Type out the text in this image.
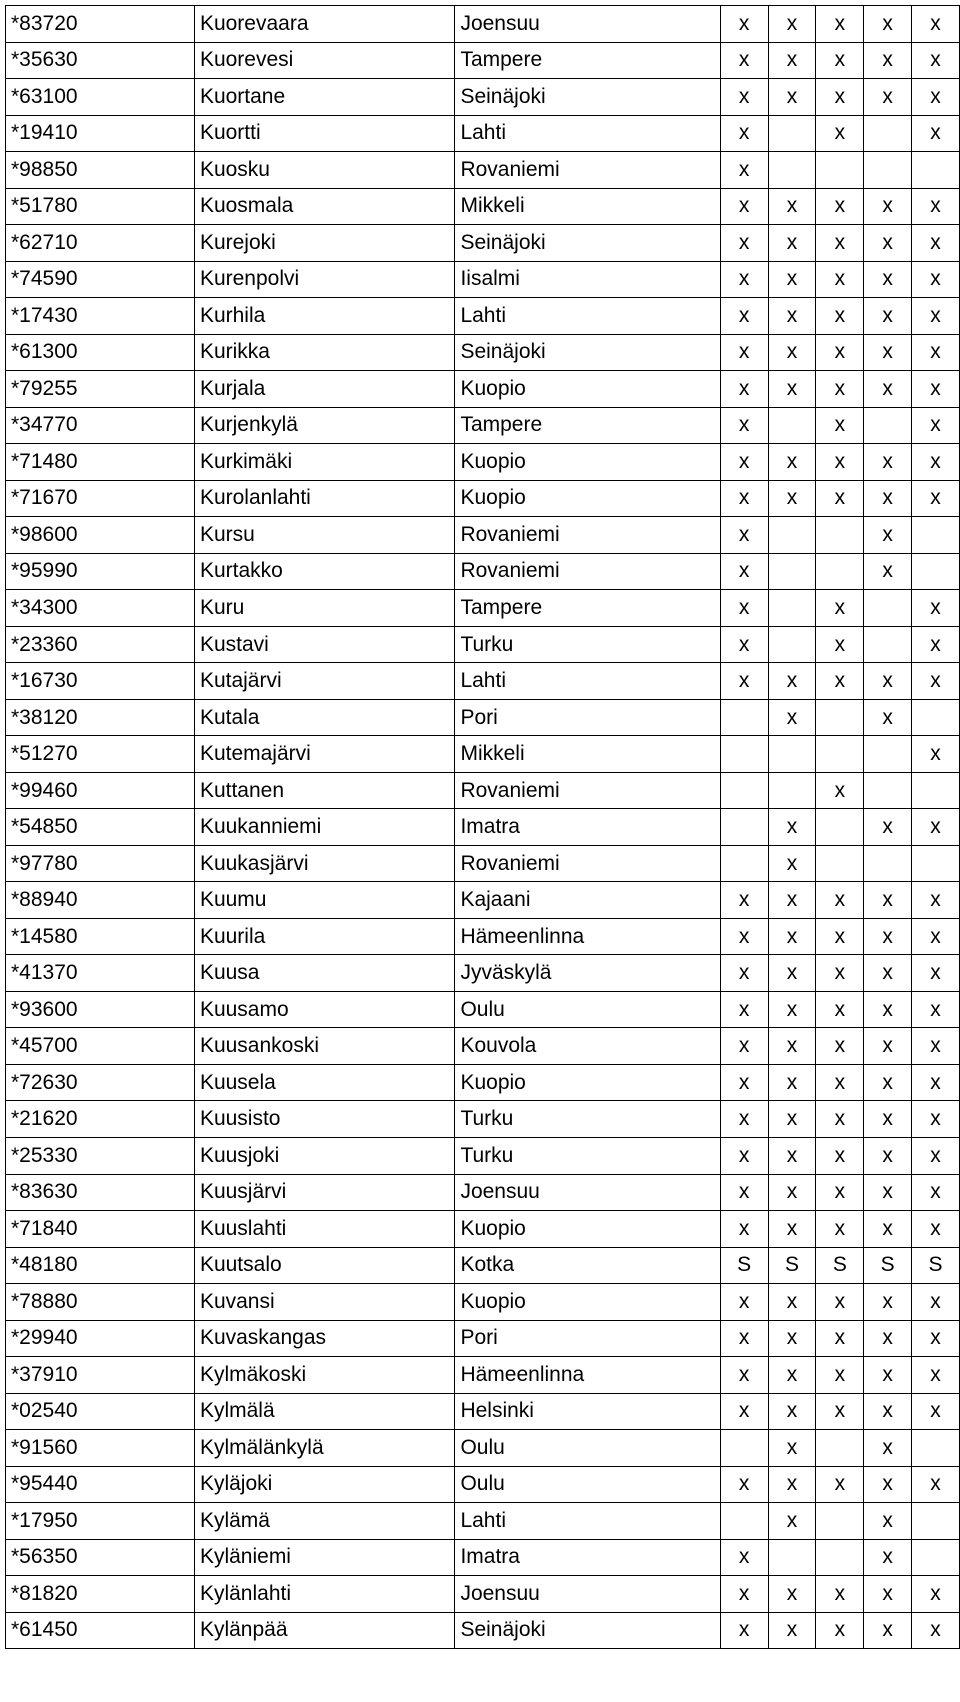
*83720	Kuorevaara	Joensuu	x	x	x	x	x
*35630	Kuorevesi	Tampere	x	x	x	x	x
*63100	Kuortane	Seinäjoki	x	x	x	x	x
*19410	Kuortti	Lahti	x		x		x
*98850	Kuosku	Rovaniemi	x				
*51780	Kuosmala	Mikkeli	x	x	x	x	x
*62710	Kurejoki	Seinäjoki	x	x	x	x	x
*74590	Kurenpolvi	Iisalmi	x	x	x	x	x
*17430	Kurhila	Lahti	x	x	x	x	x
*61300	Kurikka	Seinäjoki	x	x	x	x	x
*79255	Kurjala	Kuopio	x	x	x	x	x
*34770	Kurjenkylä	Tampere	x		x		x
*71480	Kurkimäki	Kuopio	x	x	x	x	x
*71670	Kurolanlahti	Kuopio	x	x	x	x	x
*98600	Kursu	Rovaniemi	x			x	
*95990	Kurtakko	Rovaniemi	x			x	
*34300	Kuru	Tampere	x		x		x
*23360	Kustavi	Turku	x		x		x
*16730	Kutajärvi	Lahti	x	x	x	x	x
*38120	Kutala	Pori		x		x	
*51270	Kutemajärvi	Mikkeli					x
*99460	Kuttanen	Rovaniemi			x		
*54850	Kuukanniemi	Imatra		x		x	x
*97780	Kuukasjärvi	Rovaniemi		x			
*88940	Kuumu	Kajaani	x	x	x	x	x
*14580	Kuurila	Hämeenlinna	x	x	x	x	x
*41370	Kuusa	Jyväskylä	x	x	x	x	x
*93600	Kuusamo	Oulu	x	x	x	x	x
*45700	Kuusankoski	Kouvola	x	x	x	x	x
*72630	Kuusela	Kuopio	x	x	x	x	x
*21620	Kuusisto	Turku	x	x	x	x	x
*25330	Kuusjoki	Turku	x	x	x	x	x
*83630	Kuusjärvi	Joensuu	x	x	x	x	x
*71840	Kuuslahti	Kuopio	x	x	x	x	x
*48180	Kuutsalo	Kotka	S	S	S	S	S
*78880	Kuvansi	Kuopio	x	x	x	x	x
*29940	Kuvaskangas	Pori	x	x	x	x	x
*37910	Kylmäkoski	Hämeenlinna	x	x	x	x	x
*02540	Kylmälä	Helsinki	x	x	x	x	x
*91560	Kylmälänkylä	Oulu		x		x	
*95440	Kyläjoki	Oulu	x	x	x	x	x
*17950	Kylämä	Lahti		x		x	
*56350	Kyläniemi	Imatra	x			x	
*81820	Kylänlahti	Joensuu	x	x	x	x	x
*61450	Kylänpää	Seinäjoki	x	x	x	x	x
